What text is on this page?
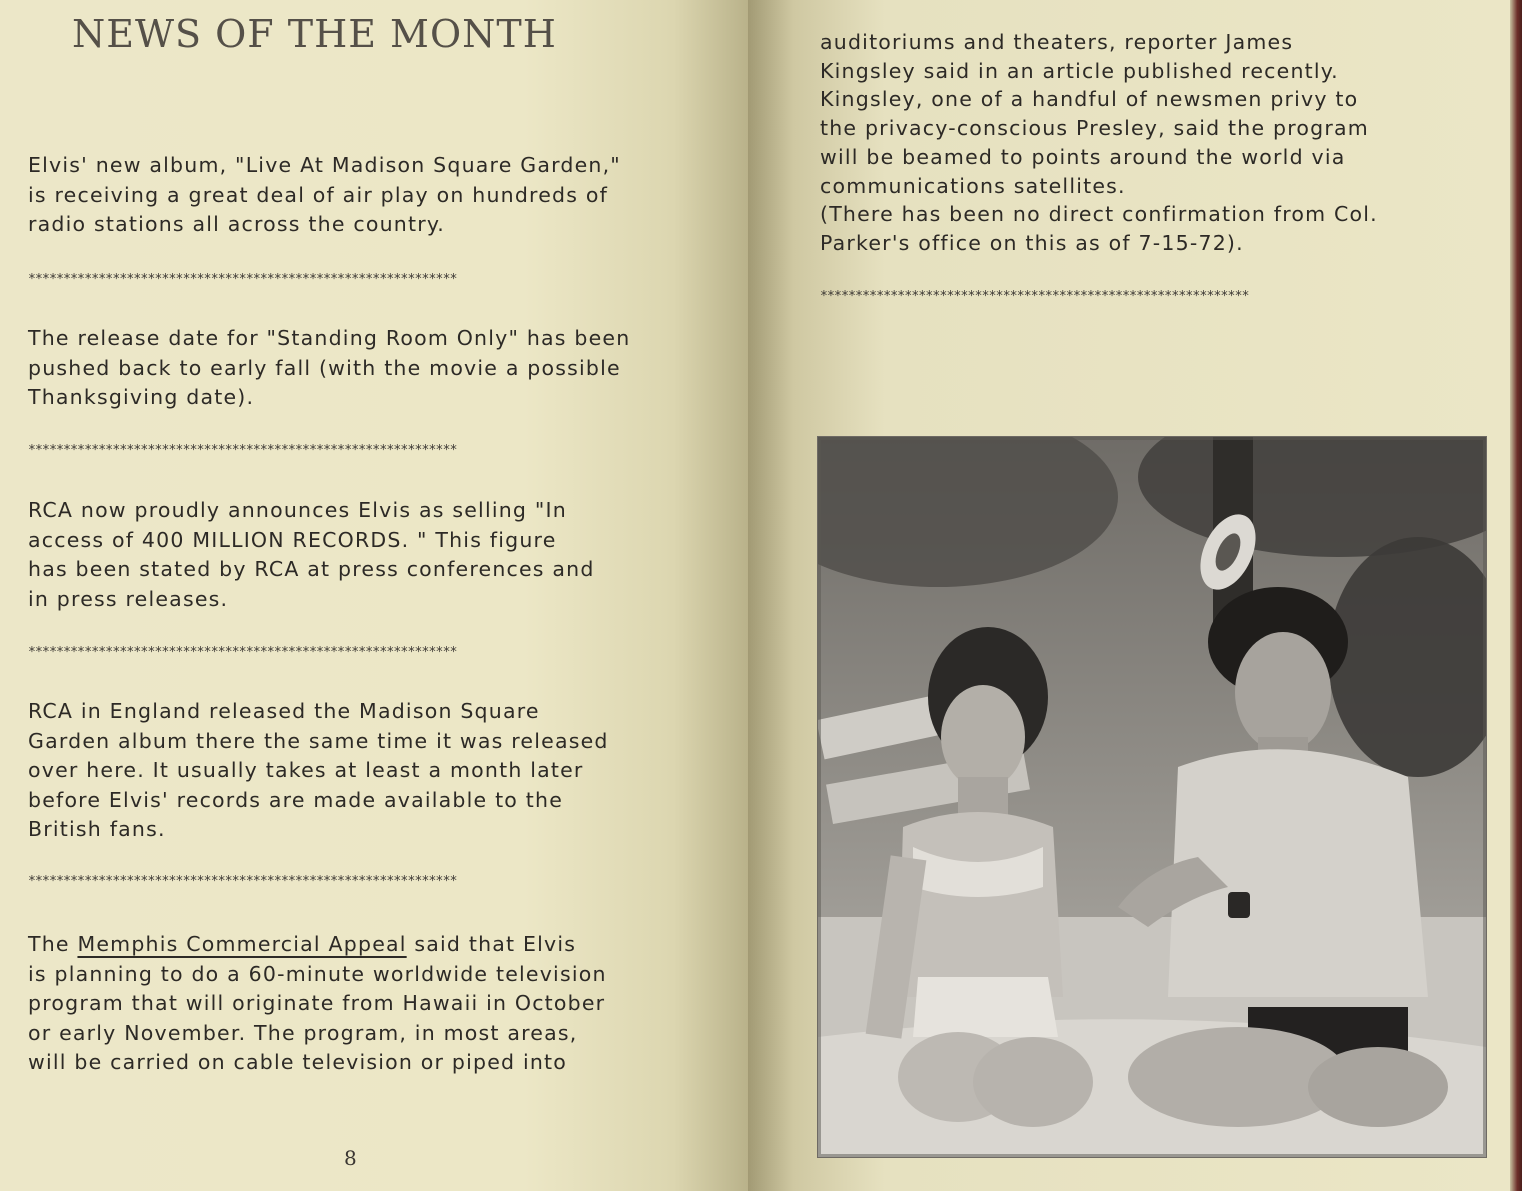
NEWS OF THE MONTH

Elvis' new album, "Live At Madison Square Garden,"
is receiving a great deal of air play on hundreds of
radio stations all across the country.

*************************************************************

The release date for "Standing Room Only" has been
pushed back to early fall (with the movie a possible
Thanksgiving date).

*************************************************************

RCA now proudly announces Elvis as selling "In
access of 400 MILLION RECORDS. " This figure
has been stated by RCA at press conferences and
in press releases.

*************************************************************

RCA in England released the Madison Square
Garden album there the same time it was released
over here. It usually takes at least a month later
before Elvis' records are made available to the
British fans.

*************************************************************

The Memphis Commercial Appeal said that Elvis
is planning to do a 60-minute worldwide television
program that will originate from Hawaii in October
or early November. The program, in most areas,
will be carried on cable television or piped into

8

auditoriums and theaters, reporter James
Kingsley said in an article published recently.
Kingsley, one of a handful of newsmen privy to
the privacy-conscious Presley, said the program
will be beamed to points around the world via
communications satellites.
(There has been no direct confirmation from Col.
Parker's office on this as of 7-15-72).

*************************************************************
